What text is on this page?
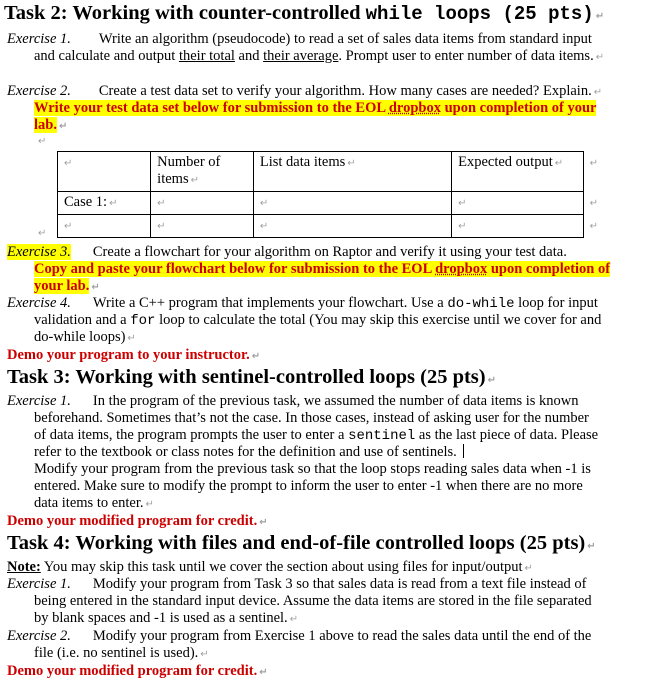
Task 2: Working with counter-controlled while loops (25 pts) ↵
Exercise 1. Write an algorithm (pseudocode) to read a set of sales data items from standard input
and calculate and output their total and their average. Prompt user to enter number of data items. ↵
Exercise 2. Create a test data set to verify your algorithm. How many cases are needed? Explain. ↵
Write your test data set below for submission to the EOL dropbox upon completion of your
lab. ↵
↵
↵	Number of items ↵	List data items ↵	Expected output ↵	↵
Case 1: ↵	↵	↵	↵	↵
↵	↵	↵	↵	↵
↵
Exercise 3. Create a flowchart for your algorithm on Raptor and verify it using your test data.
Copy and paste your flowchart below for submission to the EOL dropbox upon completion of
your lab. ↵
Exercise 4. Write a C++ program that implements your flowchart. Use a do-while loop for input
validation and a for loop to calculate the total (You may skip this exercise until we cover for and
do-while loops) ↵
Demo your program to your instructor. ↵
Task 3: Working with sentinel-controlled loops (25 pts) ↵
Exercise 1. In the program of the previous task, we assumed the number of data items is known
beforehand. Sometimes that’s not the case. In those cases, instead of asking user for the number
of data items, the program prompts the user to enter a sentinel as the last piece of data. Please
refer to the textbook or class notes for the definition and use of sentinels.
Modify your program from the previous task so that the loop stops reading sales data when -1 is
entered. Make sure to modify the prompt to inform the user to enter -1 when there are no more
data items to enter. ↵
Demo your modified program for credit. ↵
Task 4: Working with files and end-of-file controlled loops (25 pts) ↵
Note: You may skip this task until we cover the section about using files for input/output ↵
Exercise 1. Modify your program from Task 3 so that sales data is read from a text file instead of
being entered in the standard input device. Assume the data items are stored in the file separated
by blank spaces and -1 is used as a sentinel. ↵
Exercise 2. Modify your program from Exercise 1 above to read the sales data until the end of the
file (i.e. no sentinel is used). ↵
Demo your modified program for credit. ↵
